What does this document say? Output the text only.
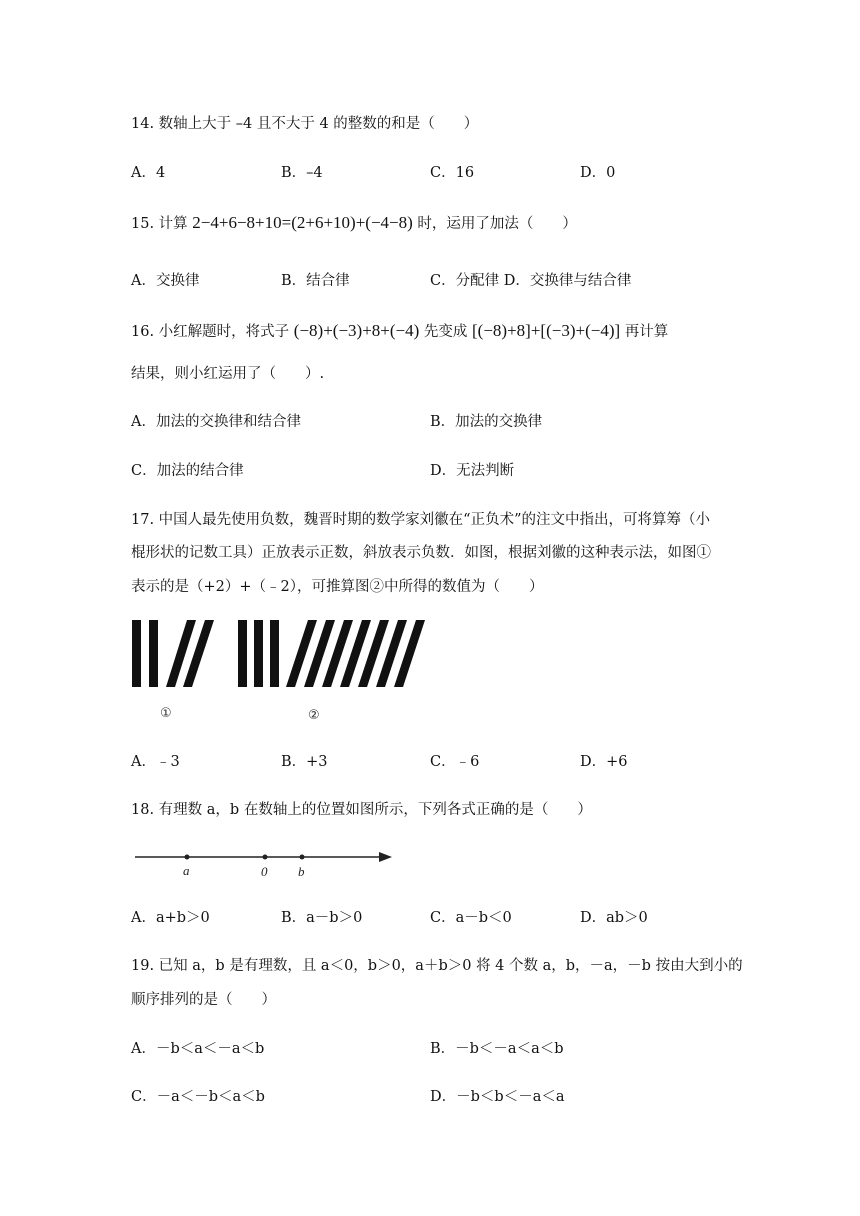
14. 数轴上大于 –4 且不大于 4 的整数的和是（　　）
A．4	B．–4	C．16	D．0
15. 计算 2−4+6−8+10=(2+6+10)+(−4−8) 时，运用了加法（　　）
A．交换律	B．结合律	C．分配律 D．交换律与结合律
16. 小红解题时，将式子 (−8)+(−3)+8+(−4) 先变成 [(−8)+8]+[(−3)+(−4)] 再计算
结果，则小红运用了（　　）.
A．加法的交换律和结合律	B．加法的交换律
C．加法的结合律	D．无法判断
17. 中国人最先使用负数，魏晋时期的数学家刘徽在“正负术”的注文中指出，可将算筹（小
棍形状的记数工具）正放表示正数，斜放表示负数．如图，根据刘徽的这种表示法，如图①
表示的是（+2）+（﹣2），可推算图②中所得的数值为（　　）
①	②
A．﹣3	B．+3	C．﹣6	D．+6
18. 有理数 a，b 在数轴上的位置如图所示，下列各式正确的是（　　）
a	0 b
A．a+b＞0	B．a－b＞0	C．a－b＜0	D．ab＞0
19. 已知 a，b 是有理数，且 a＜0，b＞0，a＋b＞0 将 4 个数 a，b，－a，－b 按由大到小的
顺序排列的是（　　）
A．－b＜a＜－a＜b	B．－b＜－a＜a＜b
C．－a＜－b＜a＜b	D．－b＜b＜－a＜a
